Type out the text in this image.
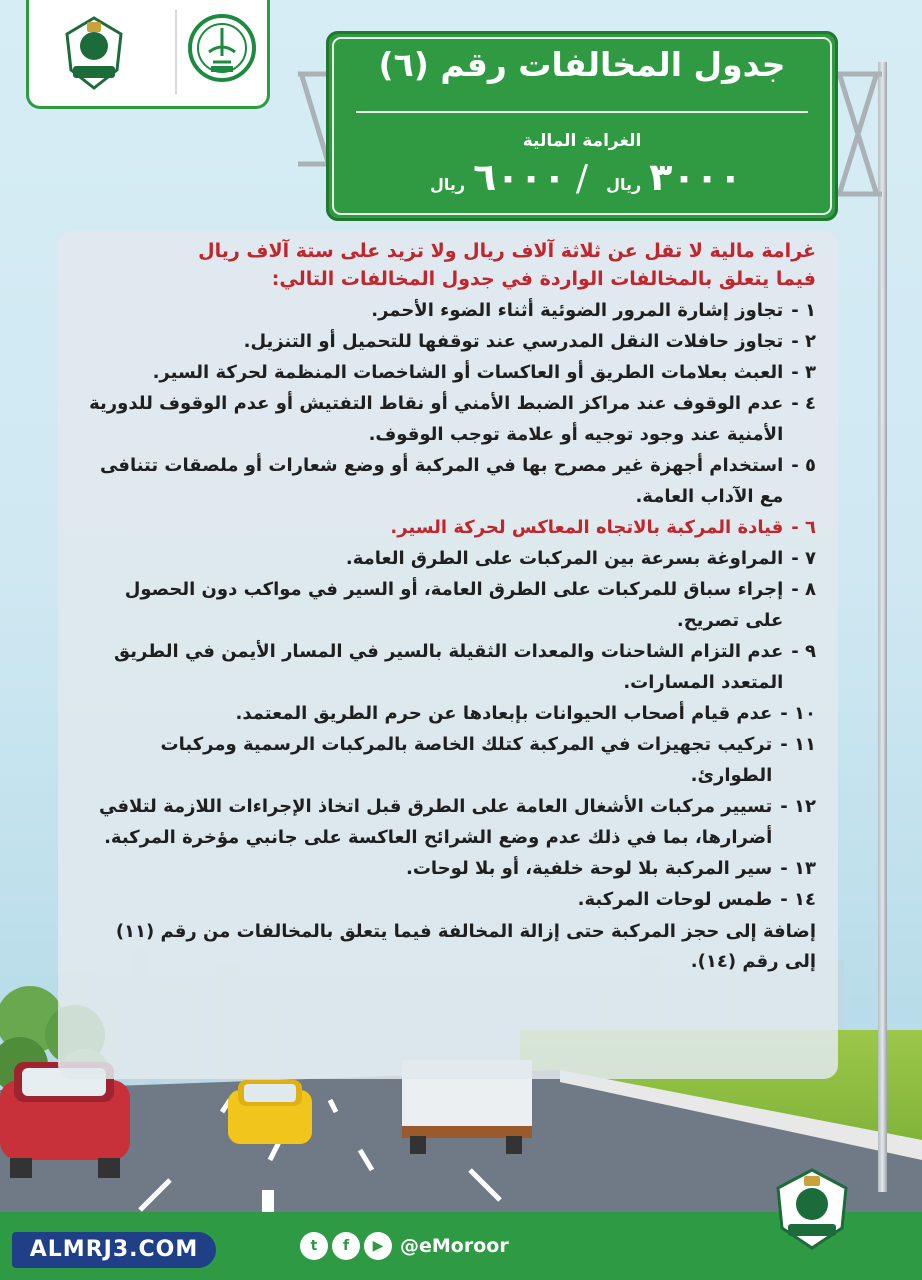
جدول المخالفات رقم (٦)
الغرامة المالية
٣٠٠٠ريال/٦٠٠٠ريال

غرامة مالية لا تقل عن ثلاثة آلاف ريال ولا تزيد على ستة آلاف ريال
فيما يتعلق بالمخالفات الواردة في جدول المخالفات التالي:

١ -
تجاوز إشارة المرور الضوئية أثناء الضوء الأحمر.
٢ -
تجاوز حافلات النقل المدرسي عند توقفها للتحميل أو التنزيل.
٣ -
العبث بعلامات الطريق أو العاكسات أو الشاخصات المنظمة لحركة السير.
٤ -
عدم الوقوف عند مراكز الضبط الأمني أو نقاط التفتيش أو عدم الوقوف للدورية الأمنية عند وجود توجيه أو علامة توجب الوقوف.
٥ -
استخدام أجهزة غير مصرح بها في المركبة أو وضع شعارات أو ملصقات تتنافى مع الآداب العامة.
٦ -
قيادة المركبة بالاتجاه المعاكس لحركة السير.
٧ -
المراوغة بسرعة بين المركبات على الطرق العامة.
٨ -
إجراء سباق للمركبات على الطرق العامة، أو السير في مواكب دون الحصول على تصريح.
٩ -
عدم التزام الشاحنات والمعدات الثقيلة بالسير في المسار الأيمن في الطريق المتعدد المسارات.
١٠ -
عدم قيام أصحاب الحيوانات بإبعادها عن حرم الطريق المعتمد.
١١ -
تركيب تجهيزات في المركبة كتلك الخاصة بالمركبات الرسمية ومركبات الطوارئ.
١٢ -
تسيير مركبات الأشغال العامة على الطرق قبل اتخاذ الإجراءات اللازمة لتلافي أضرارها، بما في ذلك عدم وضع الشرائح العاكسة على جانبي مؤخرة المركبة.
١٣ -
سير المركبة بلا لوحة خلفية، أو بلا لوحات.
١٤ -
طمس لوحات المركبة.
إضافة إلى حجز المركبة حتى إزالة المخالفة فيما يتعلق بالمخالفات من رقم (١١) إلى رقم (١٤).
ALMRJ3.COM	t	f	▶ @eMoroor
